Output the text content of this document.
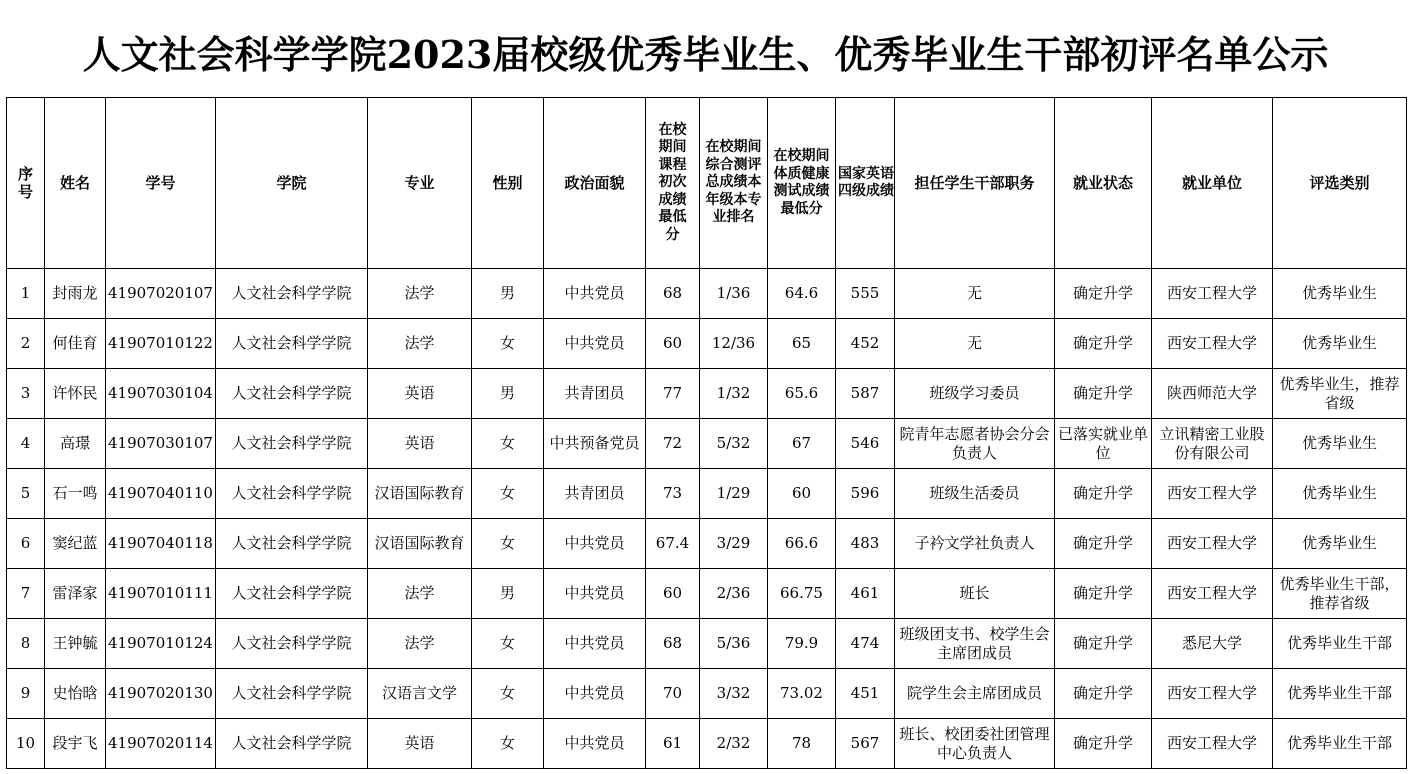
人文社会科学学院2023届校级优秀毕业生、优秀毕业生干部初评名单公示
序号	姓名	学号	学院	专业	性别	政治面貌	在校期间课程初次成绩最低分	在校期间综合测评总成绩本年级本专业排名	在校期间体质健康测试成绩最低分	国家英语四级成绩	担任学生干部职务	就业状态	就业单位	评选类别
1	封雨龙	41907020107	人文社会科学学院	法学	男	中共党员	68	1/36	64.6	555	无	确定升学	西安工程大学	优秀毕业生
2	何佳育	41907010122	人文社会科学学院	法学	女	中共党员	60	12/36	65	452	无	确定升学	西安工程大学	优秀毕业生
3	许怀民	41907030104	人文社会科学学院	英语	男	共青团员	77	1/32	65.6	587	班级学习委员	确定升学	陕西师范大学	优秀毕业生，推荐省级
4	高璟	41907030107	人文社会科学学院	英语	女	中共预备党员	72	5/32	67	546	院青年志愿者协会分会负责人	已落实就业单位	立讯精密工业股份有限公司	优秀毕业生
5	石一鸣	41907040110	人文社会科学学院	汉语国际教育	女	共青团员	73	1/29	60	596	班级生活委员	确定升学	西安工程大学	优秀毕业生
6	窦纪蓝	41907040118	人文社会科学学院	汉语国际教育	女	中共党员	67.4	3/29	66.6	483	子衿文学社负责人	确定升学	西安工程大学	优秀毕业生
7	雷泽家	41907010111	人文社会科学学院	法学	男	中共党员	60	2/36	66.75	461	班长	确定升学	西安工程大学	优秀毕业生干部，推荐省级
8	王钟毓	41907010124	人文社会科学学院	法学	女	中共党员	68	5/36	79.9	474	班级团支书、校学生会主席团成员	确定升学	悉尼大学	优秀毕业生干部
9	史怡晗	41907020130	人文社会科学学院	汉语言文学	女	中共党员	70	3/32	73.02	451	院学生会主席团成员	确定升学	西安工程大学	优秀毕业生干部
10	段宇飞	41907020114	人文社会科学学院	英语	女	中共党员	61	2/32	78	567	班长、校团委社团管理中心负责人	确定升学	西安工程大学	优秀毕业生干部
